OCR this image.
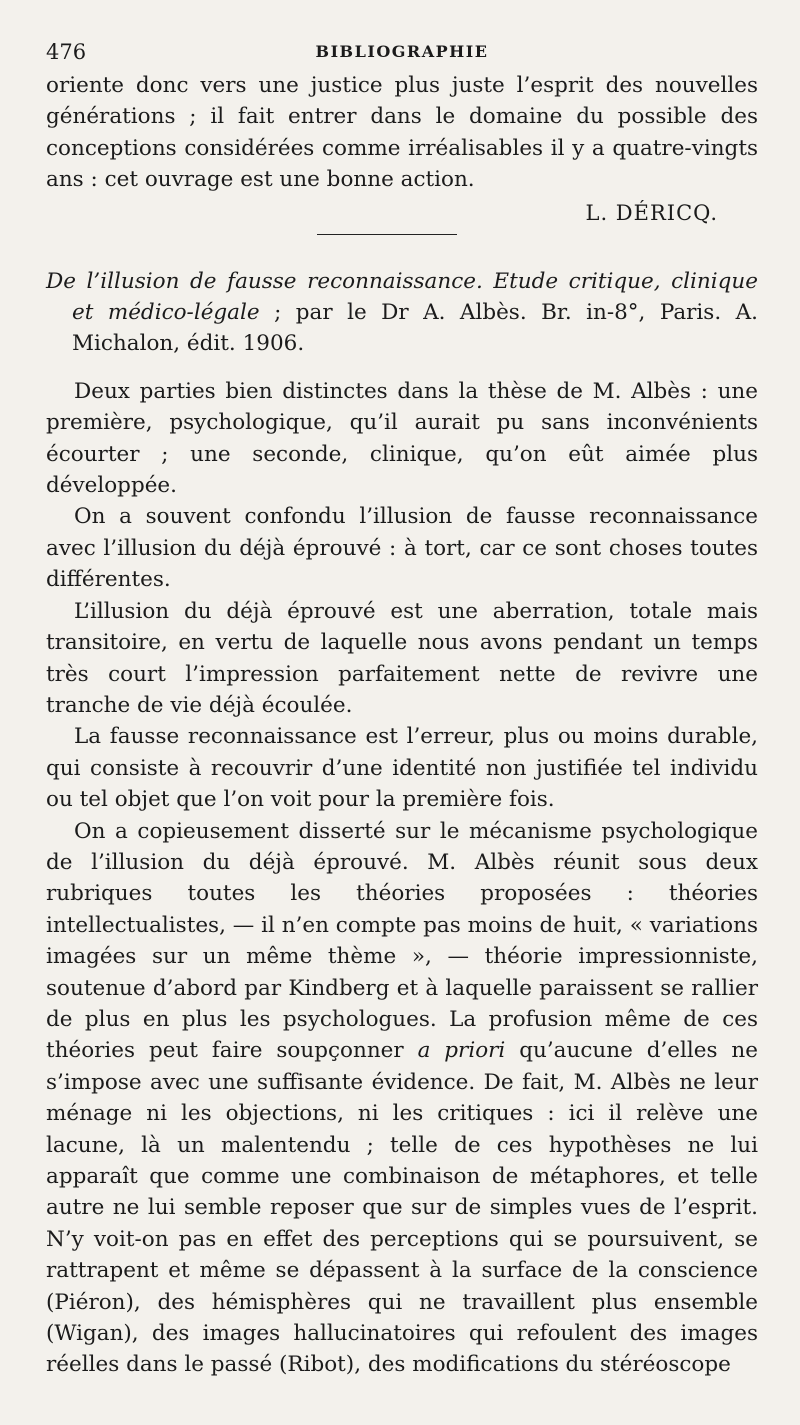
476	BIBLIOGRAPHIE

oriente donc vers une justice plus juste l’esprit des nouvelles générations ; il fait entrer dans le domaine du possible des conceptions considérées comme irréalisables il y a quatre-vingts ans : cet ouvrage est une bonne action.

L. DÉRICQ.

De l’illusion de fausse reconnaissance. Etude critique, clinique et médico-légale ; par le Dr A. Albès. Br. in-8°, Paris. A. Michalon, édit. 1906.

Deux parties bien distinctes dans la thèse de M. Albès : une première, psychologique, qu’il aurait pu sans inconvénients écourter ; une seconde, clinique, qu’on eût aimée plus développée.

On a souvent confondu l’illusion de fausse reconnaissance avec l’illusion du déjà éprouvé : à tort, car ce sont choses toutes différentes.

L’illusion du déjà éprouvé est une aberration, totale mais transitoire, en vertu de laquelle nous avons pendant un temps très court l’impression parfaitement nette de revivre une tranche de vie déjà écoulée.

La fausse reconnaissance est l’erreur, plus ou moins durable, qui consiste à recouvrir d’une identité non justifiée tel individu ou tel objet que l’on voit pour la première fois.

On a copieusement disserté sur le mécanisme psychologique de l’illusion du déjà éprouvé. M. Albès réunit sous deux rubriques toutes les théories proposées : théories intellectualistes, — il n’en compte pas moins de huit, « variations imagées sur un même thème », — théorie impressionniste, soutenue d’abord par Kindberg et à laquelle paraissent se rallier de plus en plus les psychologues. La profusion même de ces théories peut faire soupçonner a priori qu’aucune d’elles ne s’impose avec une suffisante évidence. De fait, M. Albès ne leur ménage ni les objections, ni les critiques : ici il relève une lacune, là un malentendu ; telle de ces hypothèses ne lui apparaît que comme une combinaison de métaphores, et telle autre ne lui semble reposer que sur de simples vues de l’esprit. N’y voit-on pas en effet des perceptions qui se poursuivent, se rattrapent et même se dépassent à la surface de la conscience (Piéron), des hémisphères qui ne travaillent plus ensemble (Wigan), des images hallucinatoires qui refoulent des images réelles dans le passé (Ribot), des modifications du stéréoscope
